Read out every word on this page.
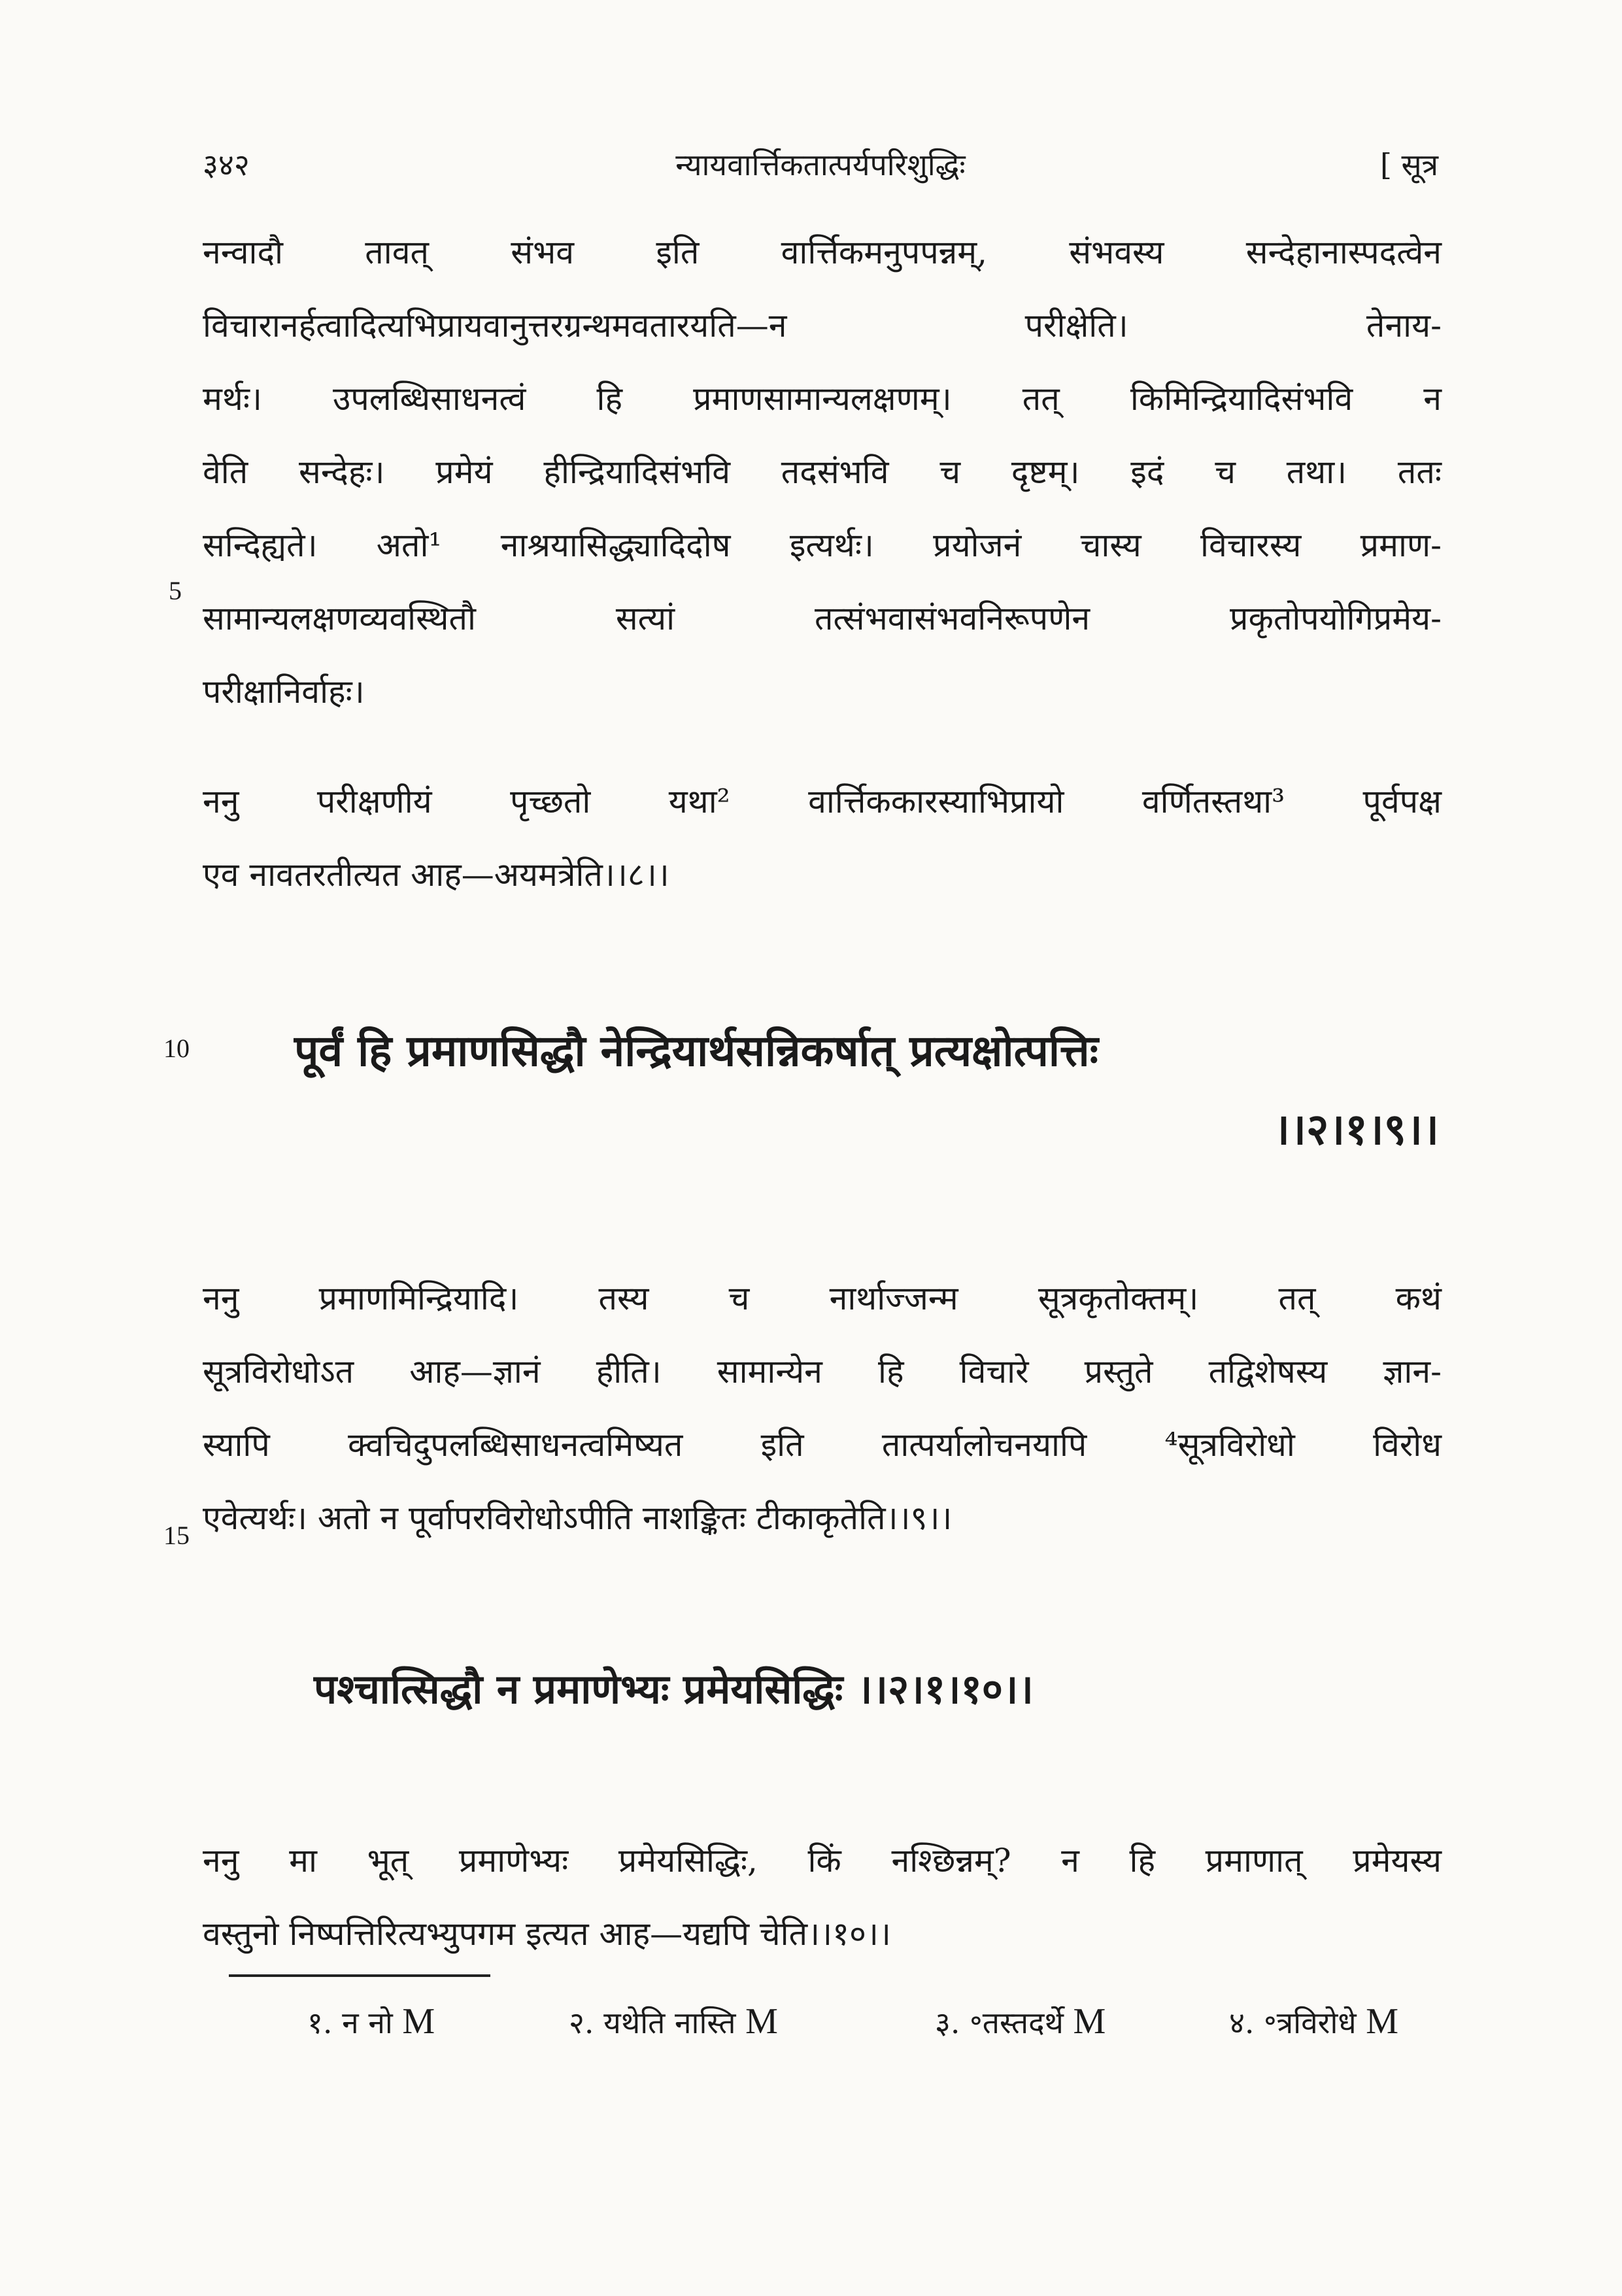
३४२	न्यायवार्त्तिकतात्पर्यपरिशुद्धिः	[ सूत्र
नन्वादौ तावत् संभव इति वार्त्तिकमनुपपन्नम्, संभवस्य सन्देहानास्पदत्वेन
विचारानर्हत्वादित्यभिप्रायवानुत्तरग्रन्थमवतारयति—न परीक्षेति। तेनाय-
मर्थः। उपलब्धिसाधनत्वं हि प्रमाणसामान्यलक्षणम्। तत् किमिन्द्रियादिसंभवि न
वेति सन्देहः। प्रमेयं हीन्द्रियादिसंभवि तदसंभवि च दृष्टम्। इदं च तथा। ततः
सन्दिह्यते। अतो¹ नाश्रयासिद्ध्यादिदोष इत्यर्थः। प्रयोजनं चास्य विचारस्य प्रमाण-
सामान्यलक्षणव्यवस्थितौ सत्यां तत्संभवासंभवनिरूपणेन प्रकृतोपयोगिप्रमेय-
परीक्षानिर्वाहः।
ननु परीक्षणीयं पृच्छतो यथा² वार्त्तिककारस्याभिप्रायो वर्णितस्तथा³ पूर्वपक्ष
एव नावतरतीत्यत आह—अयमत्रेति।।८।।
पूर्वं हि प्रमाणसिद्धौ नेन्द्रियार्थसन्निकर्षात् प्रत्यक्षोत्पत्तिः
।।२।१।९।।
ननु प्रमाणमिन्द्रियादि। तस्य च नार्थाज्जन्म सूत्रकृतोक्तम्। तत् कथं
सूत्रविरोधोऽत आह—ज्ञानं हीति। सामान्येन हि विचारे प्रस्तुते तद्विशेषस्य ज्ञान-
स्यापि क्वचिदुपलब्धिसाधनत्वमिष्यत इति तात्पर्यालोचनयापि ⁴सूत्रविरोधो विरोध
एवेत्यर्थः। अतो न पूर्वापरविरोधोऽपीति नाशङ्कितः टीकाकृतेति।।९।।
पश्चात्सिद्धौ न प्रमाणेभ्यः प्रमेयसिद्धिः ।।२।१।१०।।
ननु मा भूत् प्रमाणेभ्यः प्रमेयसिद्धिः, किं नश्छिन्नम्? न हि प्रमाणात् प्रमेयस्य
वस्तुनो निष्पत्तिरित्यभ्युपगम इत्यत आह—यद्यपि चेति।।१०।।
5
10
15
१. न नो M	२. यथेति नास्ति M	३. ॰तस्तदर्थे M	४. ॰त्रविरोधे M
